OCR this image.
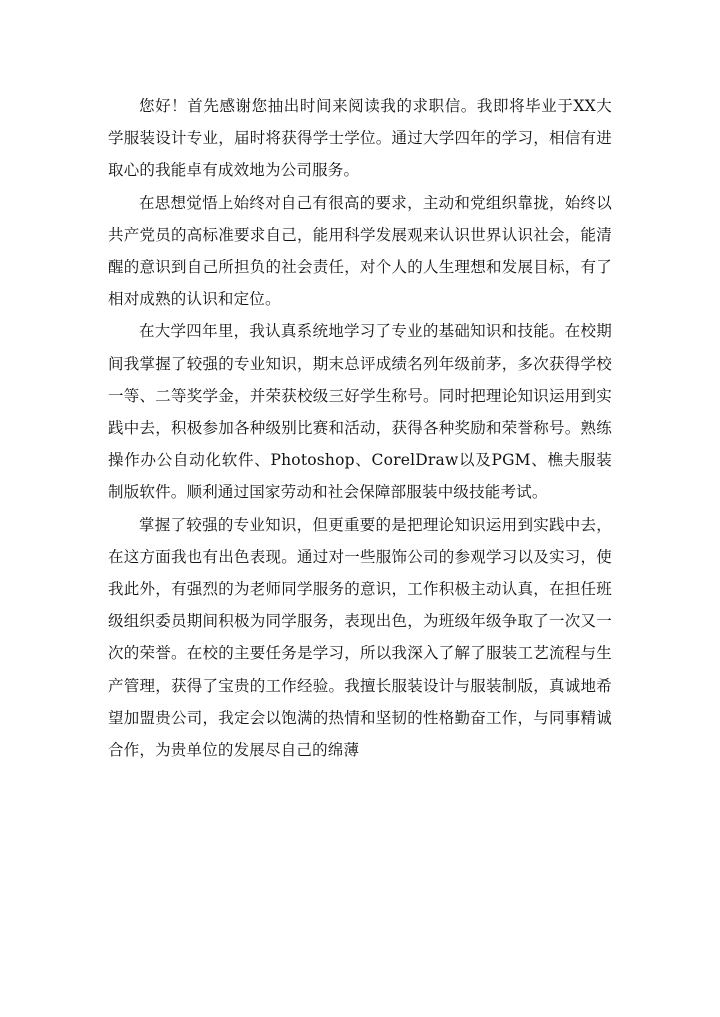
您好！首先感谢您抽出时间来阅读我的求职信。我即将毕业于XX大学服装设计专业，届时将获得学士学位。通过大学四年的学习，相信有进取心的我能卓有成效地为公司服务。

在思想觉悟上始终对自己有很高的要求，主动和党组织靠拢，始终以共产党员的高标准要求自己，能用科学发展观来认识世界认识社会，能清醒的意识到自己所担负的社会责任，对个人的人生理想和发展目标，有了相对成熟的认识和定位。

在大学四年里，我认真系统地学习了专业的基础知识和技能。在校期间我掌握了较强的专业知识，期末总评成绩名列年级前茅，多次获得学校一等、二等奖学金，并荣获校级三好学生称号。同时把理论知识运用到实践中去，积极参加各种级别比赛和活动，获得各种奖励和荣誉称号。熟练操作办公自动化软件、Photoshop、CorelDraw以及PGM、樵夫服装制版软件。顺利通过国家劳动和社会保障部服装中级技能考试。

掌握了较强的专业知识，但更重要的是把理论知识运用到实践中去，在这方面我也有出色表现。通过对一些服饰公司的参观学习以及实习，使我此外，有强烈的为老师同学服务的意识，工作积极主动认真，在担任班级组织委员期间积极为同学服务，表现出色，为班级年级争取了一次又一次的荣誉。在校的主要任务是学习，所以我深入了解了服装工艺流程与生产管理，获得了宝贵的工作经验。我擅长服装设计与服装制版，真诚地希望加盟贵公司，我定会以饱满的热情和坚韧的性格勤奋工作，与同事精诚合作，为贵单位的发展尽自己的绵薄
